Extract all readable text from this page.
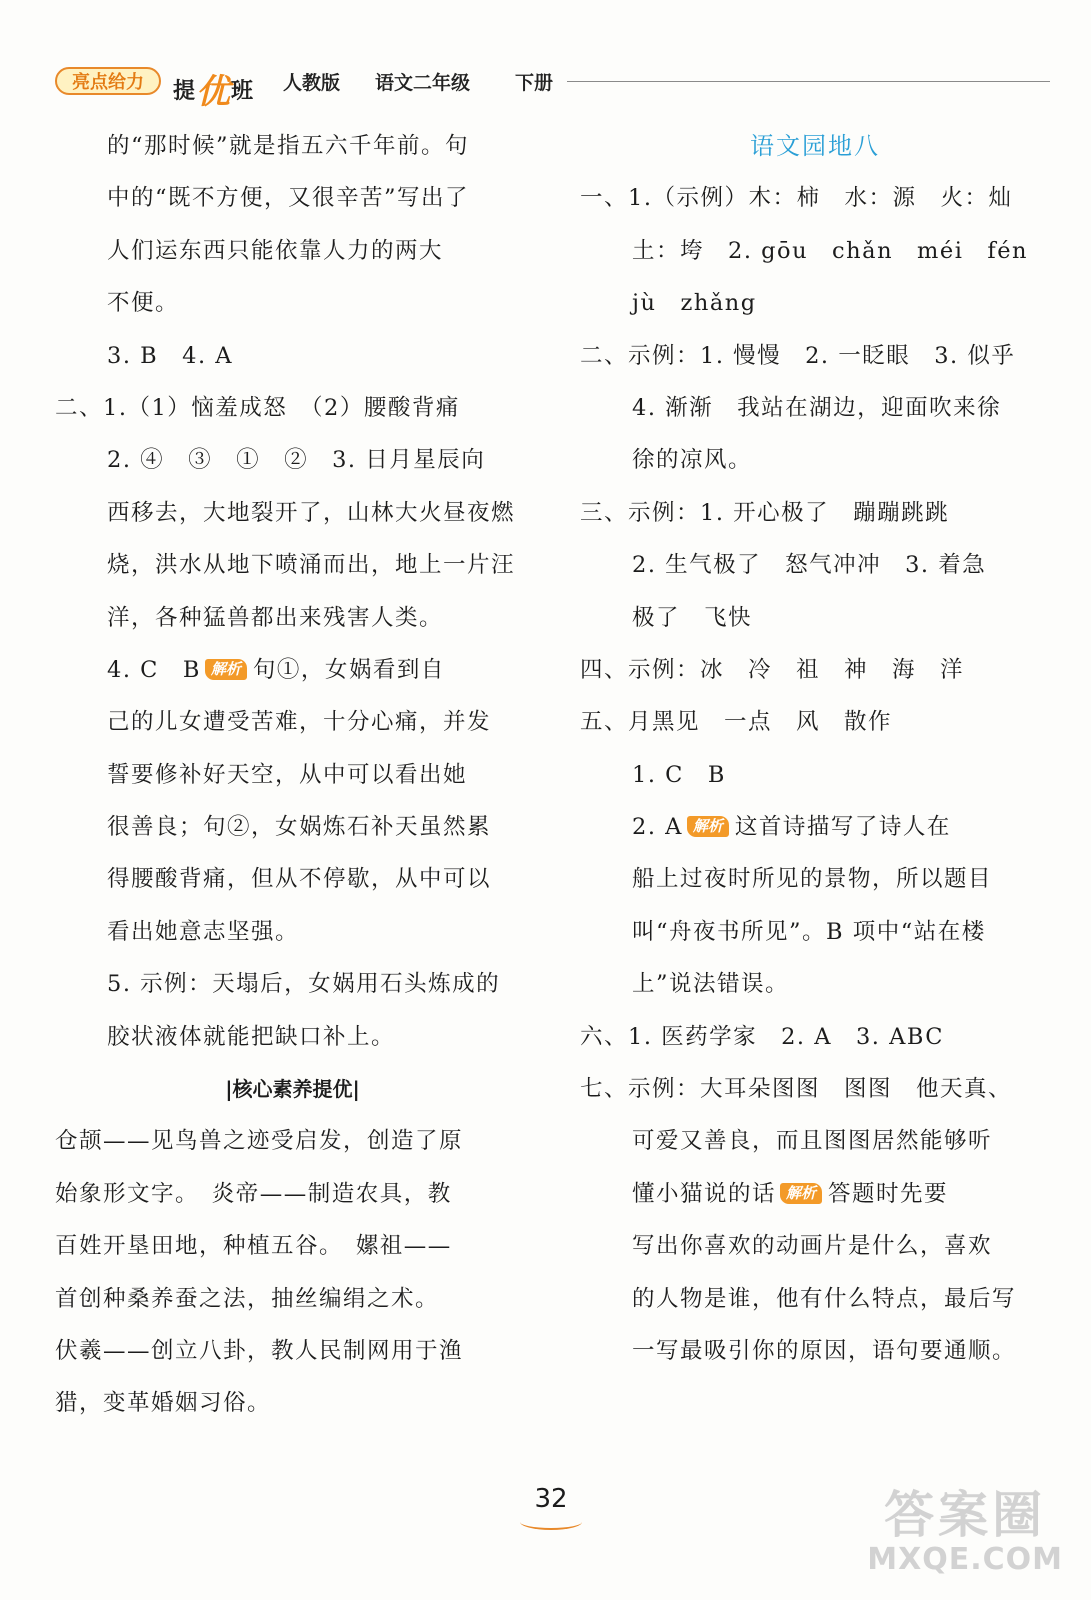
亮点给力	提优班 人教版 语文二年级 下册
的“那时候”就是指五六千年前。句
中的“既不方便，又很辛苦”写出了
人们运东西只能依靠人力的两大
不便。
3. B　4. A
二、1.（1）恼羞成怒　（2）腰酸背痛
2. ④　③　①　②　3. 日月星辰向
西移去，大地裂开了，山林大火昼夜燃
烧，洪水从地下喷涌而出，地上一片汪
洋，各种猛兽都出来残害人类。
4. C　B 解析 句①，女娲看到自
己的儿女遭受苦难，十分心痛，并发
誓要修补好天空，从中可以看出她
很善良；句②，女娲炼石补天虽然累
得腰酸背痛，但从不停歇，从中可以
看出她意志坚强。
5. 示例：天塌后，女娲用石头炼成的
胶状液体就能把缺口补上。
|核心素养提优|
仓颉——见鸟兽之迹受启发，创造了原
始象形文字。　炎帝——制造农具，教
百姓开垦田地，种植五谷。　嫘祖——
首创种桑养蚕之法，抽丝编绢之术。
伏羲——创立八卦，教人民制网用于渔
猎，变革婚姻习俗。
语文园地八
一、1.（示例）木：柿　水：源　火：灿
土：垮　2. gōu　chǎn　méi　fén
jù　zhǎng
二、示例：1. 慢慢　2. 一眨眼　3. 似乎
4. 渐渐　我站在湖边，迎面吹来徐
徐的凉风。
三、示例：1. 开心极了　蹦蹦跳跳
2. 生气极了　怒气冲冲　3. 着急
极了　飞快
四、示例：冰　冷　祖　神　海　洋
五、月黑见　一点　风　散作
1. C　B
2. A 解析 这首诗描写了诗人在
船上过夜时所见的景物，所以题目
叫“舟夜书所见”。B 项中“站在楼
上”说法错误。
六、1. 医药学家　2. A　3. ABC
七、示例：大耳朵图图　图图　他天真、
可爱又善良，而且图图居然能够听
懂小猫说的话 解析 答题时先要
写出你喜欢的动画片是什么，喜欢
的人物是谁，他有什么特点，最后写
一写最吸引你的原因，语句要通顺。
32	答案圈
MXQE.COM
